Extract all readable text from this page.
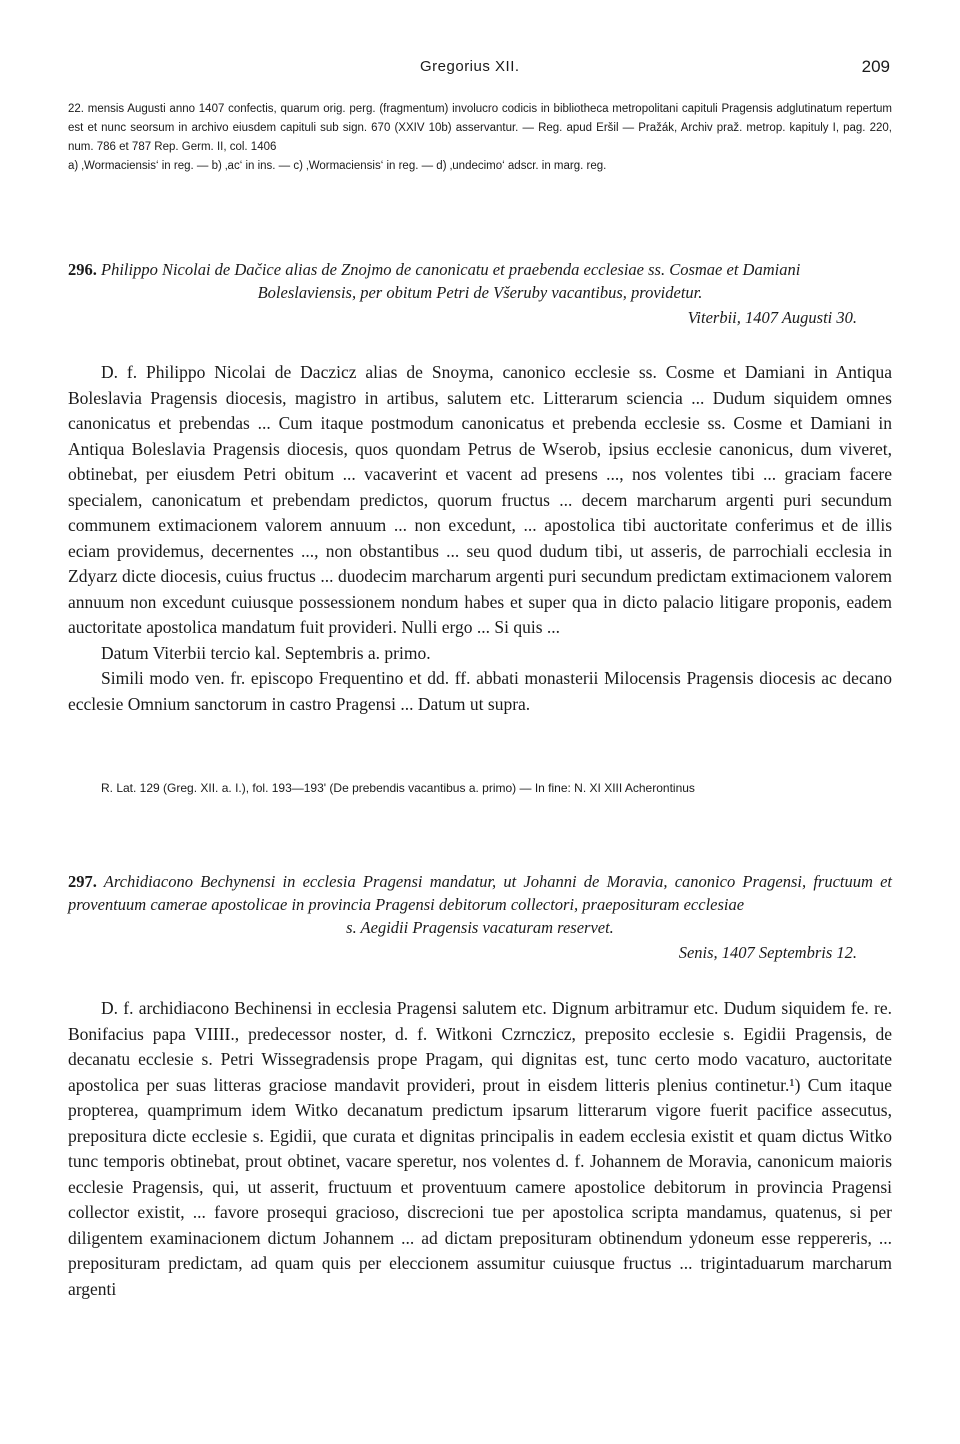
Gregorius XII.	209
22. mensis Augusti anno 1407 confectis, quarum orig. perg. (fragmentum) involucro codicis in bibliotheca metropolitani capituli Pragensis adglutinatum repertum est et nunc seorsum in archivo eiusdem capituli sub sign. 670 (XXIV 10b) asservantur. — Reg. apud Eršil — Pražák, Archiv praž. metrop. kapituly I, pag. 220, num. 786 et 787 Rep. Germ. II, col. 1406
a) ‚Wormaciensis‘ in reg. — b) ‚ac‘ in ins. — c) ‚Wormaciensis‘ in reg. — d) ‚undecimo‘ adscr. in marg. reg.
296. Philippo Nicolai de Dačice alias de Znojmo de canonicatu et praebenda ecclesiae ss. Cosmae et Damiani
Boleslaviensis, per obitum Petri de Všeruby vacantibus, providetur.
Viterbii, 1407 Augusti 30.

D. f. Philippo Nicolai de Daczicz alias de Snoyma, canonico ecclesie ss. Cosme et Damiani in Antiqua Boleslavia Pragensis diocesis, magistro in artibus, salutem etc. Litterarum sciencia ... Dudum siquidem omnes canonicatus et prebendas ... Cum itaque postmodum canonicatus et prebenda ecclesie ss. Cosme et Damiani in Antiqua Boleslavia Pragensis diocesis, quos quondam Petrus de Wserob, ipsius ecclesie canonicus, dum viveret, obtinebat, per eiusdem Petri obitum ... vacaverint et vacent ad presens ..., nos volentes tibi ... graciam facere specialem, canonicatum et prebendam predictos, quorum fructus ... decem marcharum argenti puri secundum communem extimacionem valorem annuum ... non excedunt, ... apostolica tibi auctoritate conferimus et de illis eciam providemus, decernentes ..., non obstantibus ... seu quod dudum tibi, ut asseris, de parrochiali ecclesia in Zdyarz dicte diocesis, cuius fructus ... duodecim marcharum argenti puri secundum predictam extimacionem valorem annuum non excedunt cuiusque possessionem nondum habes et super qua in dicto palacio litigare proponis, eadem auctoritate apostolica mandatum fuit provideri. Nulli ergo ... Si quis ...

Datum Viterbii tercio kal. Septembris a. primo.

Simili modo ven. fr. episcopo Frequentino et dd. ff. abbati monasterii Milocensis Pragensis diocesis ac decano ecclesie Omnium sanctorum in castro Pragensi ... Datum ut supra.

R. Lat. 129 (Greg. XII. a. I.), fol. 193—193' (De prebendis vacantibus a. primo) — In fine: N. XI XIII Acherontinus
297. Archidiacono Bechynensi in ecclesia Pragensi mandatur, ut Johanni de Moravia, canonico Pragensi, fructuum et proventuum camerae apostolicae in provincia Pragensi debitorum collectori, praeposituram ecclesiae
s. Aegidii Pragensis vacaturam reservet.
Senis, 1407 Septembris 12.

D. f. archidiacono Bechinensi in ecclesia Pragensi salutem etc. Dignum arbitramur etc. Dudum siquidem fe. re. Bonifacius papa VIIII., predecessor noster, d. f. Witkoni Czrnczicz, preposito ecclesie s. Egidii Pragensis, de decanatu ecclesie s. Petri Wissegradensis prope Pragam, qui dignitas est, tunc certo modo vacaturo, auctoritate apostolica per suas litteras graciose mandavit provideri, prout in eisdem litteris plenius continetur.¹) Cum itaque propterea, quamprimum idem Witko decanatum predictum ipsarum litterarum vigore fuerit pacifice assecutus, prepositura dicte ecclesie s. Egidii, que curata et dignitas principalis in eadem ecclesia existit et quam dictus Witko tunc temporis obtinebat, prout obtinet, vacare speretur, nos volentes d. f. Johannem de Moravia, canonicum maioris ecclesie Pragensis, qui, ut asserit, fructuum et proventuum camere apostolice debitorum in provincia Pragensi collector existit, ... favore prosequi gracioso, discrecioni tue per apostolica scripta mandamus, quatenus, si per diligentem examinacionem dictum Johannem ... ad dictam preposituram obtinendum ydoneum esse reppereris, ... preposituram predictam, ad quam quis per eleccionem assumitur cuiusque fructus ... trigintaduarum marcharum argenti
